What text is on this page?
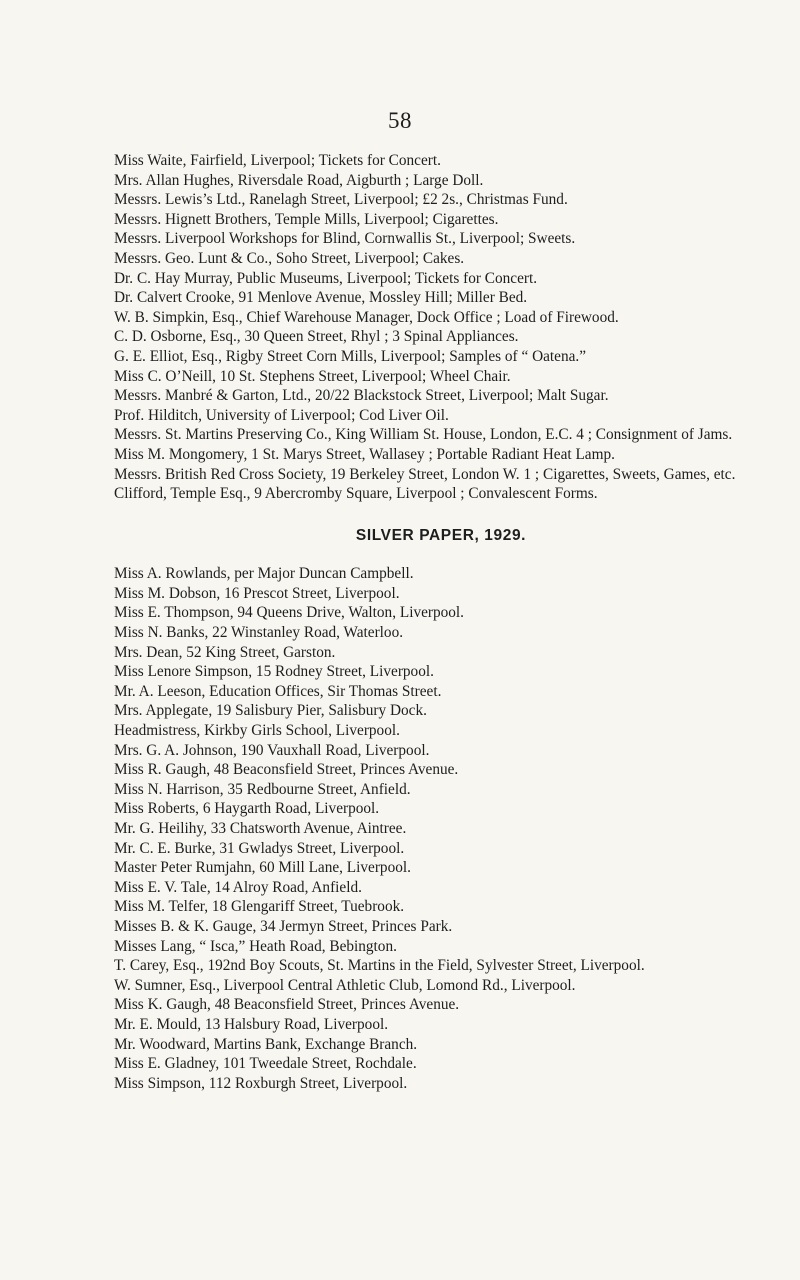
58

Miss Waite, Fairfield, Liverpool; Tickets for Concert.

Mrs. Allan Hughes, Riversdale Road, Aigburth ; Large Doll.

Messrs. Lewis’s Ltd., Ranelagh Street, Liverpool; £2 2s., Christmas Fund.

Messrs. Hignett Brothers, Temple Mills, Liverpool; Cigarettes.

Messrs. Liverpool Workshops for Blind, Cornwallis St., Liverpool; Sweets.

Messrs. Geo. Lunt & Co., Soho Street, Liverpool; Cakes.

Dr. C. Hay Murray, Public Museums, Liverpool; Tickets for Concert.

Dr. Calvert Crooke, 91 Menlove Avenue, Mossley Hill; Miller Bed.

W. B. Simpkin, Esq., Chief Warehouse Manager, Dock Office ; Load of Firewood.

C. D. Osborne, Esq., 30 Queen Street, Rhyl ; 3 Spinal Appliances.

G. E. Elliot, Esq., Rigby Street Corn Mills, Liverpool; Samples of “ Oatena.”

Miss C. O’Neill, 10 St. Stephens Street, Liverpool; Wheel Chair.

Messrs. Manbré & Garton, Ltd., 20/22 Blackstock Street, Liverpool; Malt Sugar.

Prof. Hilditch, University of Liverpool; Cod Liver Oil.

Messrs. St. Martins Preserving Co., King William St. House, London, E.C. 4 ; Consignment of Jams.

Miss M. Mongomery, 1 St. Marys Street, Wallasey ; Portable Radiant Heat Lamp.

Messrs. British Red Cross Society, 19 Berkeley Street, London W. 1 ; Cigarettes, Sweets, Games, etc.

Clifford, Temple Esq., 9 Abercromby Square, Liverpool ; Convalescent Forms.

SILVER PAPER, 1929.

Miss A. Rowlands, per Major Duncan Campbell.

Miss M. Dobson, 16 Prescot Street, Liverpool.

Miss E. Thompson, 94 Queens Drive, Walton, Liverpool.

Miss N. Banks, 22 Winstanley Road, Waterloo.

Mrs. Dean, 52 King Street, Garston.

Miss Lenore Simpson, 15 Rodney Street, Liverpool.

Mr. A. Leeson, Education Offices, Sir Thomas Street.

Mrs. Applegate, 19 Salisbury Pier, Salisbury Dock.

Headmistress, Kirkby Girls School, Liverpool.

Mrs. G. A. Johnson, 190 Vauxhall Road, Liverpool.

Miss R. Gaugh, 48 Beaconsfield Street, Princes Avenue.

Miss N. Harrison, 35 Redbourne Street, Anfield.

Miss Roberts, 6 Haygarth Road, Liverpool.

Mr. G. Heilihy, 33 Chatsworth Avenue, Aintree.

Mr. C. E. Burke, 31 Gwladys Street, Liverpool.

Master Peter Rumjahn, 60 Mill Lane, Liverpool.

Miss E. V. Tale, 14 Alroy Road, Anfield.

Miss M. Telfer, 18 Glengariff Street, Tuebrook.

Misses B. & K. Gauge, 34 Jermyn Street, Princes Park.

Misses Lang, “ Isca,” Heath Road, Bebington.

T. Carey, Esq., 192nd Boy Scouts, St. Martins in the Field, Sylvester Street, Liverpool.

W. Sumner, Esq., Liverpool Central Athletic Club, Lomond Rd., Liverpool.

Miss K. Gaugh, 48 Beaconsfield Street, Princes Avenue.

Mr. E. Mould, 13 Halsbury Road, Liverpool.

Mr. Woodward, Martins Bank, Exchange Branch.

Miss E. Gladney, 101 Tweedale Street, Rochdale.

Miss Simpson, 112 Roxburgh Street, Liverpool.
